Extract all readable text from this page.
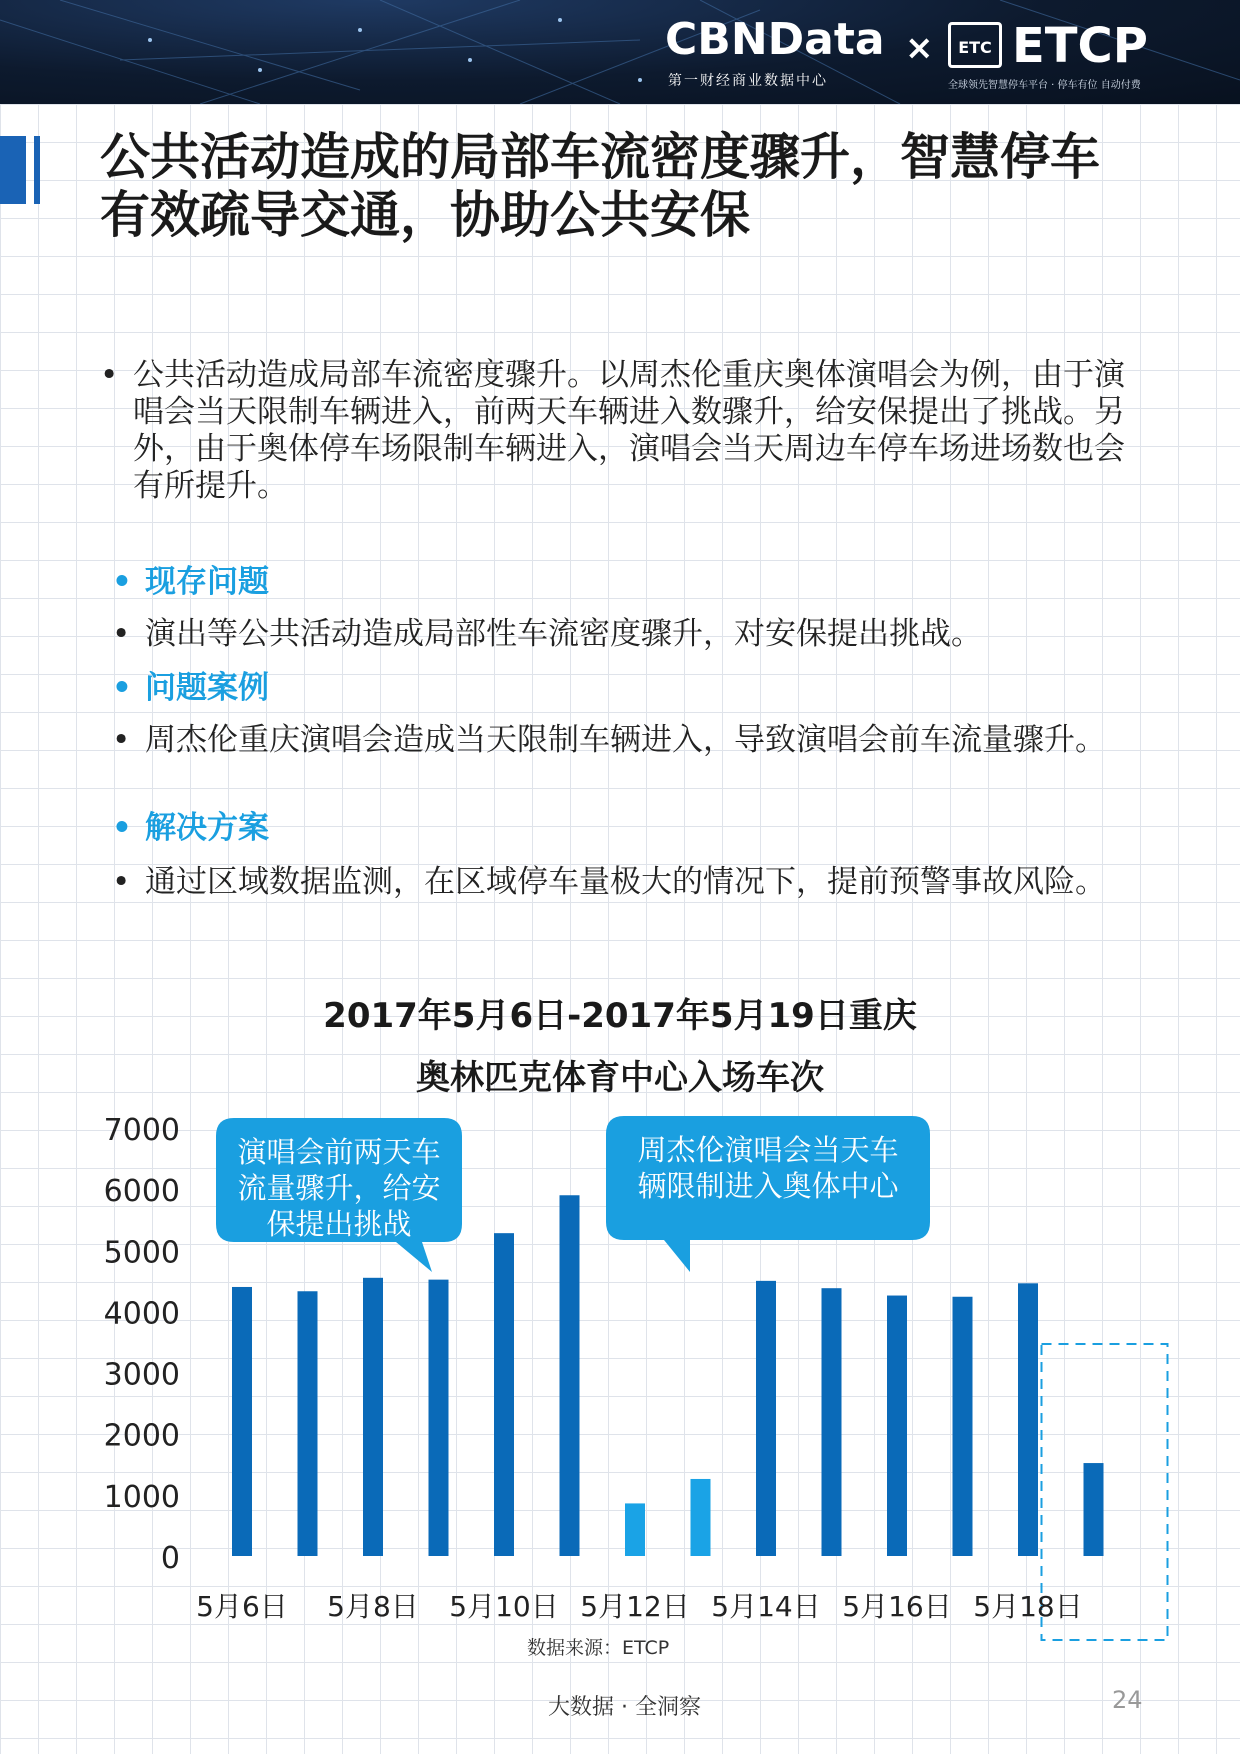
CBNData
第一财经商业数据中心
×	ETC ETCP
全球领先智慧停车平台 · 停车有位 自动付费
公共活动造成的局部车流密度骤升，智慧停车有效疏导交通，协助公共安保
• 公共活动造成局部车流密度骤升。以周杰伦重庆奥体演唱会为例，由于演唱会当天限制车辆进入，前两天车辆进入数骤升，给安保提出了挑战。另外，由于奥体停车场限制车辆进入，演唱会当天周边车停车场进场数也会有所提升。
• 现存问题
• 演出等公共活动造成局部性车流密度骤升，对安保提出挑战。
• 问题案例
• 周杰伦重庆演唱会造成当天限制车辆进入，导致演唱会前车流量骤升。
• 解决方案
• 通过区域数据监测，在区域停车量极大的情况下，提前预警事故风险。
2017年5月6日-2017年5月19日重庆
奥林匹克体育中心入场车次
0
1000
2000
3000
4000
5000
6000
7000
5月6日 5月8日 5月10日 5月12日 5月14日 5月16日 5月18日
演唱会前两天车
流量骤升，给安
保提出挑战
周杰伦演唱会当天车
辆限制进入奥体中心
数据来源：ETCP
大数据 · 全洞察	24
